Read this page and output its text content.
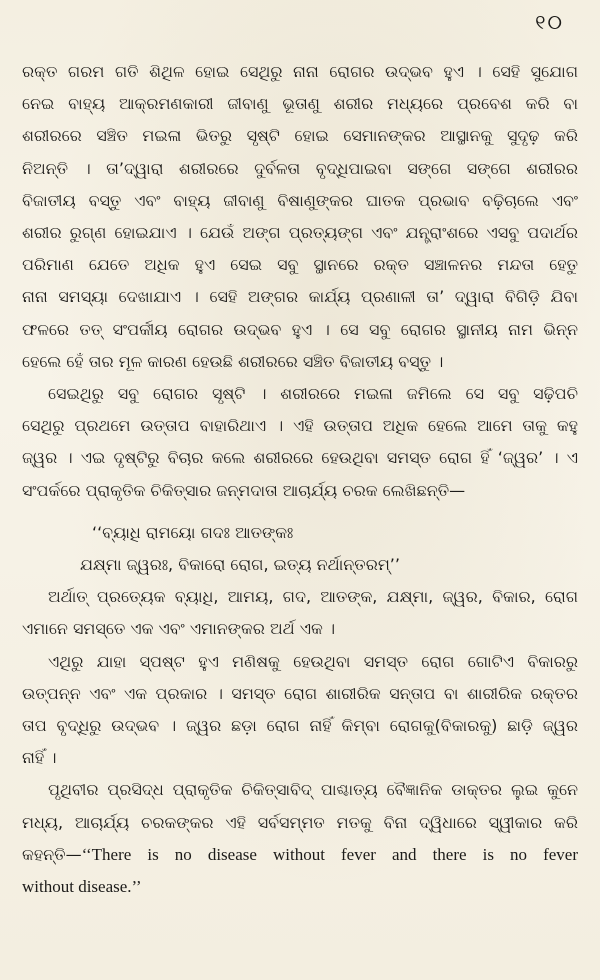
୧୦
ରକ୍ତ ଗରମ ଗତି ଶିଥିଳ ହୋଇ ସେଥିରୁ ନାନା ରୋଗର ଉଦ୍ଭବ ହୁଏ । ସେହି ସୁଯୋଗ
ନେଇ ବାହ୍ୟ ଆକ୍ରମଣକାରୀ ଜୀବାଣୁ ଭୂତାଣୁ ଶରୀର ମଧ୍ୟରେ ପ୍ରବେଶ କରି ବା
ଶରୀରରେ ସଞ୍ଚିତ ମଇଳା ଭିତରୁ ସୃଷ୍ଟି ହୋଇ ସେମାନଙ୍କର ଆସ୍ଥାନକୁ ସୁଦୃଢ଼ କରି
ନିଅନ୍ତି । ତା’ଦ୍ୱାରା ଶରୀରରେ ଦୁର୍ବଳତା ବୃଦ୍ଧିପାଇବା ସଙ୍ଗେ ସଙ୍ଗେ ଶରୀରର
ବିଜାତୀୟ ବସ୍ତୁ ଏବଂ ବାହ୍ୟ ଜୀବାଣୁ ବିଷାଣୁଙ୍କର ଘାତକ ପ୍ରଭାବ ବଢ଼ିଚାଲେ ଏବଂ
ଶରୀର ରୁଗ୍ଣ ହୋଇଯାଏ । ଯେଉଁ ଅଙ୍ଗ ପ୍ରତ୍ୟଙ୍ଗ ଏବଂ ଯନ୍ତ୍ରାଂଶରେ ଏସବୁ ପଦାର୍ଥର
ପରିମାଣ ଯେତେ ଅଧିକ ହୁଏ ସେଇ ସବୁ ସ୍ଥାନରେ ରକ୍ତ ସଞ୍ଚାଳନର ମନ୍ଦତା ହେତୁ
ନାନା ସମସ୍ୟା ଦେଖାଯାଏ । ସେହି ଅଙ୍ଗର କାର୍ଯ୍ୟ ପ୍ରଣାଳୀ ତା’ ଦ୍ୱାରା ବିଗିଡ଼ି ଯିବା
ଫଳରେ ତତ୍ ସଂପର୍କୀୟ ରୋଗର ଉଦ୍ଭବ ହୁଏ । ସେ ସବୁ ରୋଗର ସ୍ଥାନୀୟ ନାମ ଭିନ୍ନ
ହେଲେ ହେଁ ତାର ମୂଳ କାରଣ ହେଉଛି ଶରୀରରେ ସଞ୍ଚିତ ବିଜାତୀୟ ବସ୍ତୁ ।
ସେଇଥିରୁ ସବୁ ରୋଗର ସୃଷ୍ଟି । ଶରୀରରେ ମଇଳା ଜମିଲେ ସେ ସବୁ ସଢ଼ିପଚି
ସେଥିରୁ ପ୍ରଥମେ ଉତ୍ତାପ ବାହାରିଥାଏ । ଏହି ଉତ୍ତାପ ଅଧିକ ହେଲେ ଆମେ ତାକୁ କହୁ
ଜ୍ୱର । ଏଇ ଦୃଷ୍ଟିରୁ ବିଚାର କଲେ ଶରୀରରେ ହେଉଥିବା ସମସ୍ତ ରୋଗ ହିଁ ‘ଜ୍ୱର’ । ଏ
ସଂପର୍କରେ ପ୍ରାକୃତିକ ଚିକିତ୍ସାର ଜନ୍ମଦାତା ଆଚାର୍ଯ୍ୟ ଚରକ ଲେଖିଛନ୍ତି—
‘‘ବ୍ୟାଧି ରାମୟୋ ଗଦଃ ଆତଙ୍କଃ
ଯକ୍ଷ୍ମା ଜ୍ୱରଃ, ବିକାରୋ ରୋଗ, ଇତ୍ୟ ନର୍ଥାନ୍ତରମ୍’’
ଅର୍ଥାତ୍ ପ୍ରତ୍ୟେକ ବ୍ୟାଧି, ଆମୟ, ଗଦ, ଆତଙ୍କ, ଯକ୍ଷ୍ମା, ଜ୍ୱର, ବିକାର, ରୋଗ
ଏମାନେ ସମସ୍ତେ ଏକ ଏବଂ ଏମାନଙ୍କର ଅର୍ଥ ଏକ ।
ଏଥିରୁ ଯାହା ସ୍ପଷ୍ଟ ହୁଏ ମଣିଷକୁ ହେଉଥିବା ସମସ୍ତ ରୋଗ ଗୋଟିଏ ବିକାରରୁ
ଉତ୍ପନ୍ନ ଏବଂ ଏକ ପ୍ରକାର । ସମସ୍ତ ରୋଗ ଶାରୀରିକ ସନ୍ତାପ ବା ଶାରୀରିକ ରକ୍ତର
ତାପ ବୃଦ୍ଧିରୁ ଉଦ୍ଭବ । ଜ୍ୱର ଛଡ଼ା ରୋଗ ନାହିଁ କିମ୍ବା ରୋଗକୁ(ବିକାରକୁ) ଛାଡ଼ି ଜ୍ୱର
ନାହିଁ ।
ପୃଥିବୀର ପ୍ରସିଦ୍ଧ ପ୍ରାକୃତିକ ଚିକିତ୍ସାବିଦ୍ ପାଶ୍ଚାତ୍ୟ ବୈଜ୍ଞାନିକ ଡାକ୍ତର ଲୁଇ କୁନେ
ମଧ୍ୟ, ଆଚାର୍ଯ୍ୟ ଚରକଙ୍କର ଏହି ସର୍ବସମ୍ମତ ମତକୁ ବିନା ଦ୍ୱିଧାରେ ସ୍ୱୀକାର କରି
କହନ୍ତି—‘‘There is no disease without fever and there is no fever
without disease.’’
